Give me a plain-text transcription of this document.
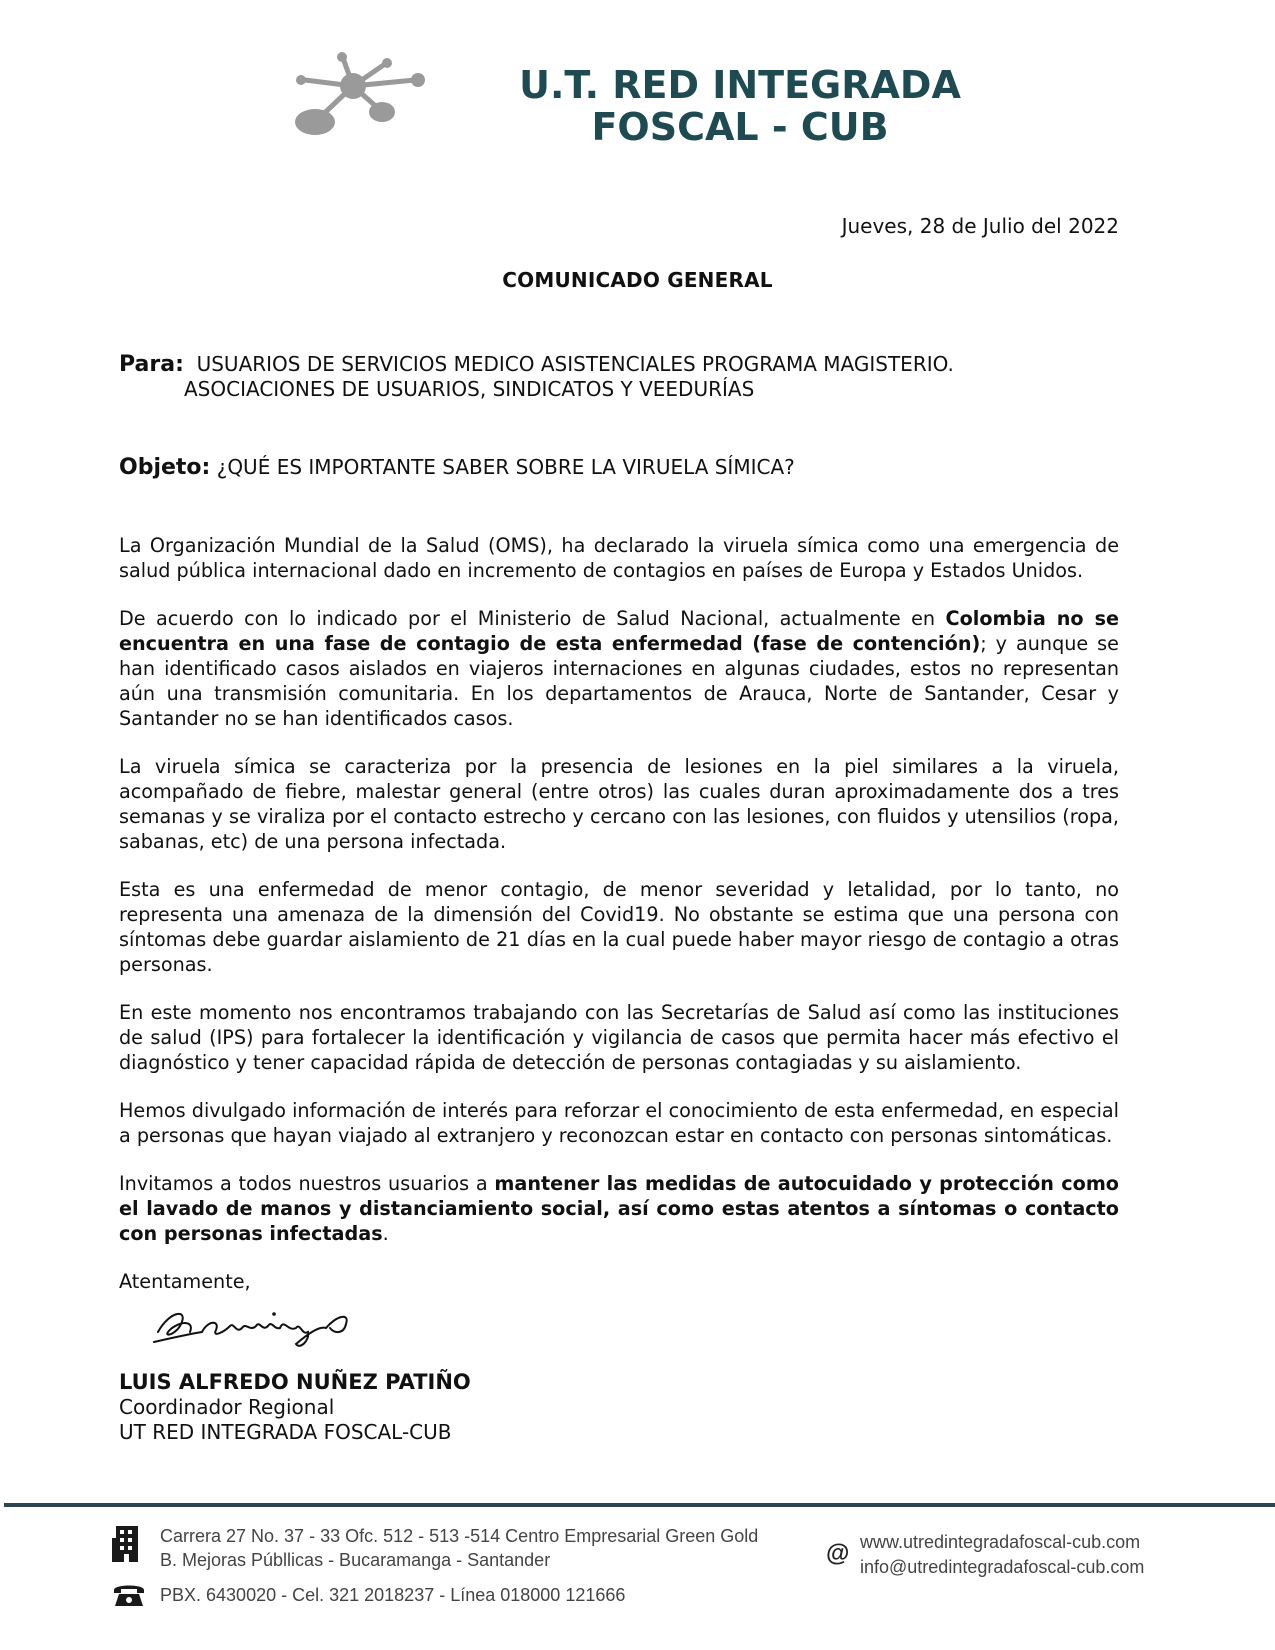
U.T. RED INTEGRADA
FOSCAL - CUB
Jueves, 28 de Julio del 2022
COMUNICADO GENERAL
Para: USUARIOS DE SERVICIOS MEDICO ASISTENCIALES PROGRAMA MAGISTERIO.
ASOCIACIONES DE USUARIOS, SINDICATOS Y VEEDURÍAS
Objeto: ¿QUÉ ES IMPORTANTE SABER SOBRE LA VIRUELA SÍMICA?

La Organización Mundial de la Salud (OMS), ha declarado la viruela símica como una emergencia de salud pública internacional dado en incremento de contagios en países de Europa y Estados Unidos.

De acuerdo con lo indicado por el Ministerio de Salud Nacional, actualmente en Colombia no se encuentra en una fase de contagio de esta enfermedad (fase de contención); y aunque se han identificado casos aislados en viajeros internaciones en algunas ciudades, estos no representan aún una transmisión comunitaria. En los departamentos de Arauca, Norte de Santander, Cesar y Santander no se han identificados casos.

La viruela símica se caracteriza por la presencia de lesiones en la piel similares a la viruela, acompañado de fiebre, malestar general (entre otros) las cuales duran aproximadamente dos a tres semanas y se viraliza por el contacto estrecho y cercano con las lesiones, con fluidos y utensilios (ropa, sabanas, etc) de una persona infectada.

Esta es una enfermedad de menor contagio, de menor severidad y letalidad, por lo tanto, no representa una amenaza de la dimensión del Covid19. No obstante se estima que una persona con síntomas debe guardar aislamiento de 21 días en la cual puede haber mayor riesgo de contagio a otras personas.

En este momento nos encontramos trabajando con las Secretarías de Salud así como las instituciones de salud (IPS) para fortalecer la identificación y vigilancia de casos que permita hacer más efectivo el diagnóstico y tener capacidad rápida de detección de personas contagiadas y su aislamiento.

Hemos divulgado información de interés para reforzar el conocimiento de esta enfermedad, en especial a personas que hayan viajado al extranjero y reconozcan estar en contacto con personas sintomáticas.

Invitamos a todos nuestros usuarios a mantener las medidas de autocuidado y protección como el lavado de manos y distanciamiento social, así como estas atentos a síntomas o contacto con personas infectadas.

Atentamente,

LUIS ALFREDO NUÑEZ PATIÑO
Coordinador Regional
UT RED INTEGRADA FOSCAL-CUB
Carrera 27 No. 37 - 33 Ofc. 512 - 513 -514 Centro Empresarial Green Gold
B. Mejoras Públlicas - Bucaramanga - Santander	@ www.utredintegradafoscal-cub.com
info@utredintegradafoscal-cub.com
PBX. 6430020 - Cel. 321 2018237 - Línea 018000 121666
